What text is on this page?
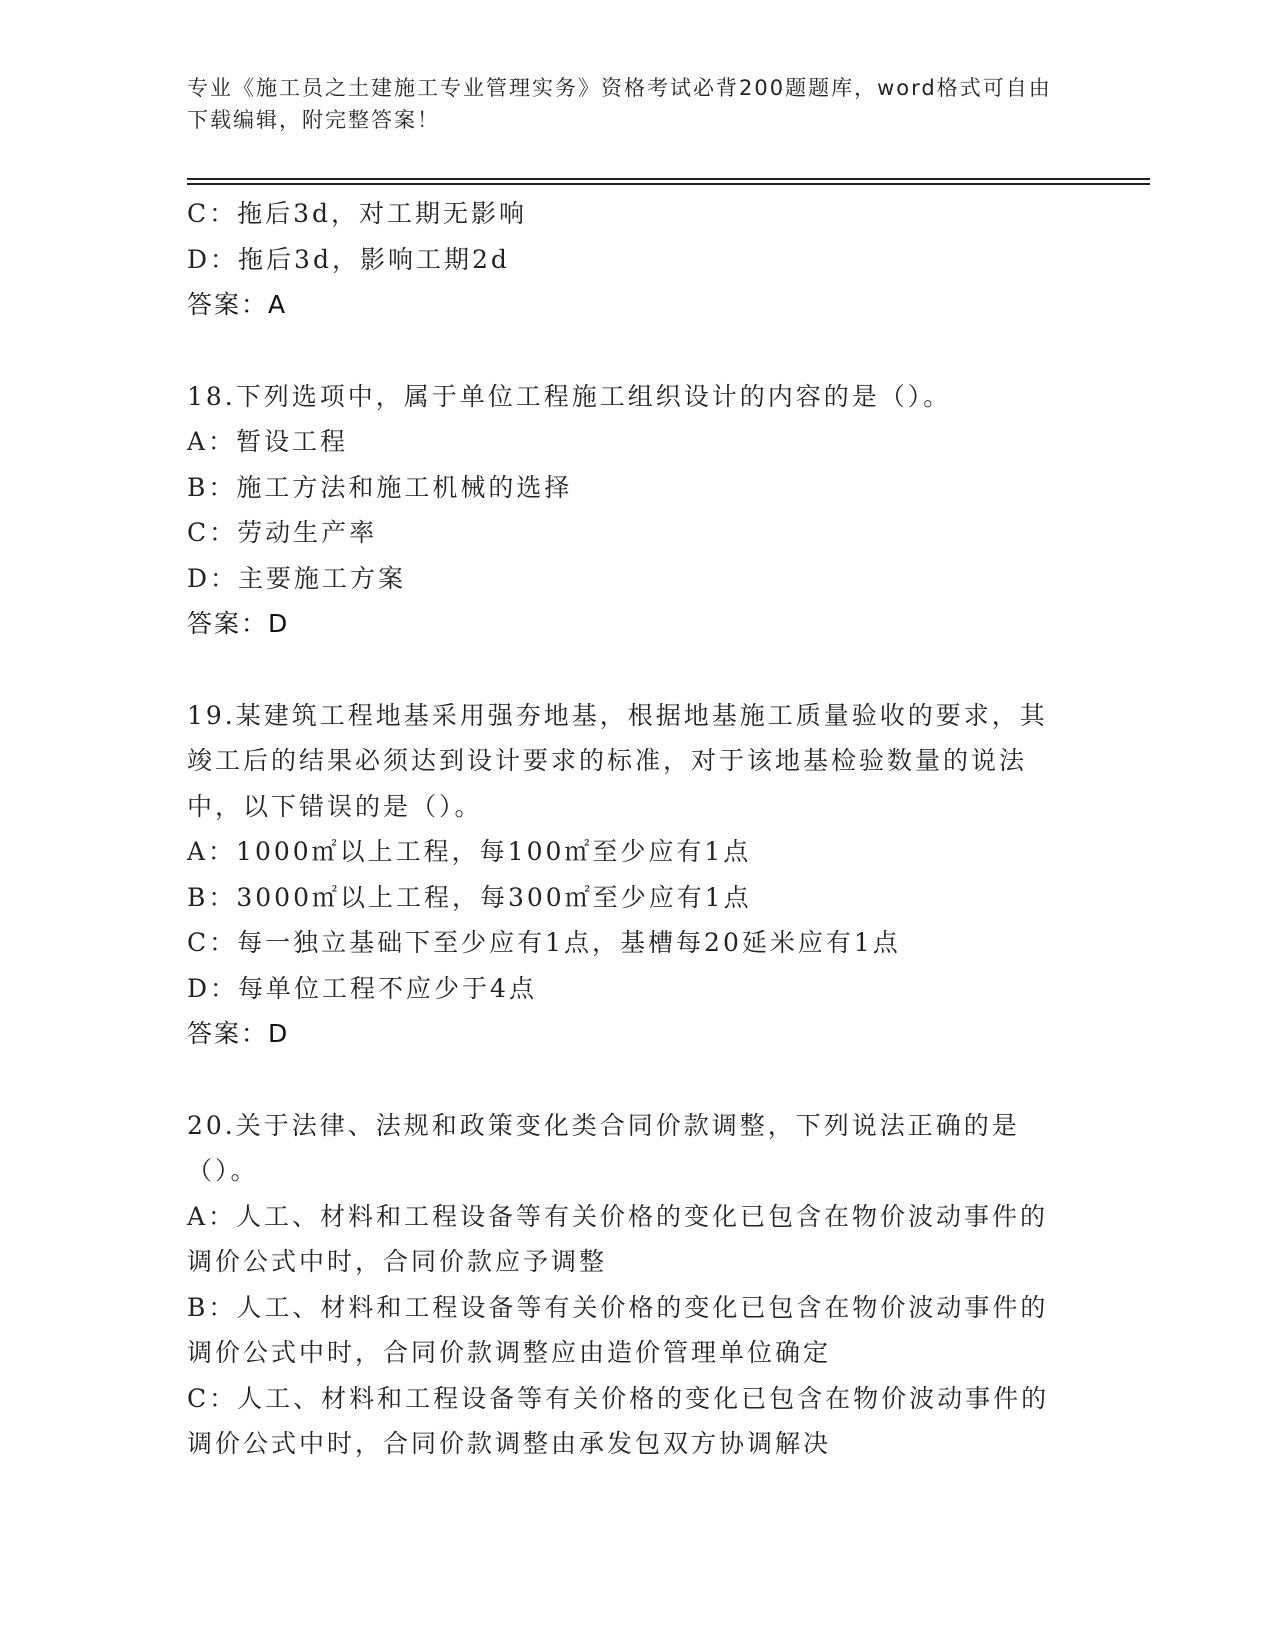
专业《施工员之土建施工专业管理实务》资格考试必背200题题库，word格式可自由下载编辑，附完整答案！
C：拖后3d，对工期无影响
D：拖后3d，影响工期2d
答案：A
18.下列选项中，属于单位工程施工组织设计的内容的是（）。
A：暂设工程
B：施工方法和施工机械的选择
C：劳动生产率
D：主要施工方案
答案：D
19.某建筑工程地基采用强夯地基，根据地基施工质量验收的要求，其竣工后的结果必须达到设计要求的标准，对于该地基检验数量的说法中，以下错误的是（）。
A：1000㎡以上工程，每100㎡至少应有1点
B：3000㎡以上工程，每300㎡至少应有1点
C：每一独立基础下至少应有1点，基槽每20延米应有1点
D：每单位工程不应少于4点
答案：D
20.关于法律、法规和政策变化类合同价款调整，下列说法正确的是（）。
A：人工、材料和工程设备等有关价格的变化已包含在物价波动事件的调价公式中时，合同价款应予调整
B：人工、材料和工程设备等有关价格的变化已包含在物价波动事件的调价公式中时，合同价款调整应由造价管理单位确定
C：人工、材料和工程设备等有关价格的变化已包含在物价波动事件的调价公式中时，合同价款调整由承发包双方协调解决
